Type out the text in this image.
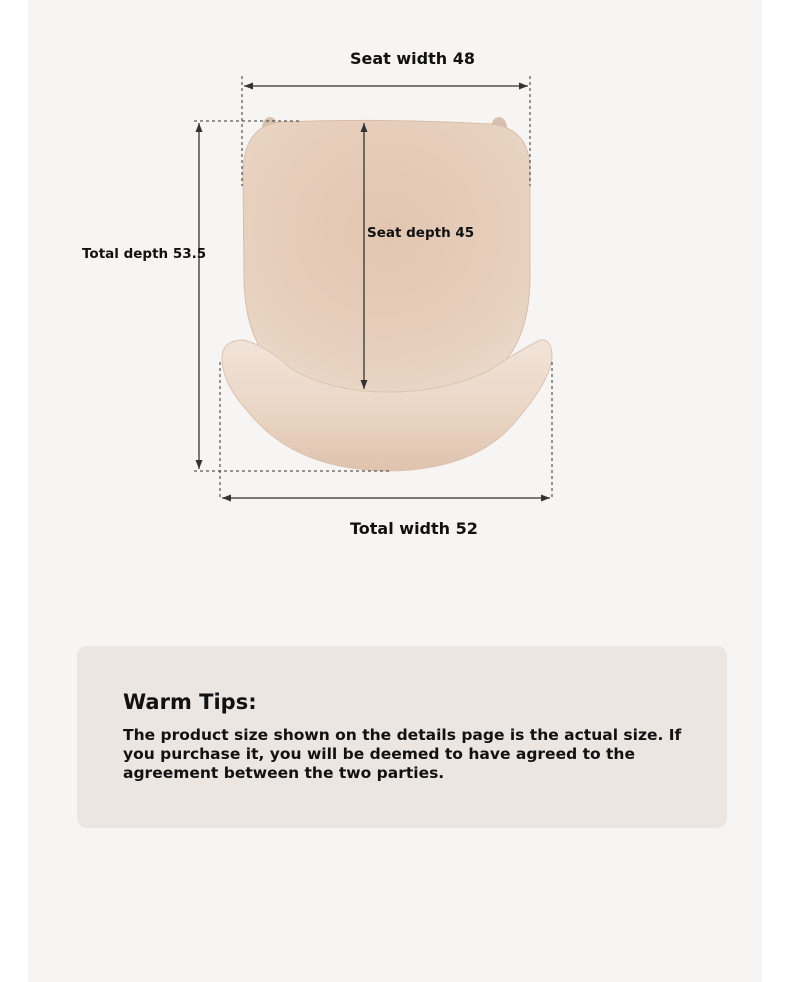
Seat width 48
Total depth 53.5
Seat depth 45
Total width 52
Warm Tips:

The product size shown on the details page is the actual size. If you purchase it, you will be deemed to have agreed to the agreement between the two parties.
